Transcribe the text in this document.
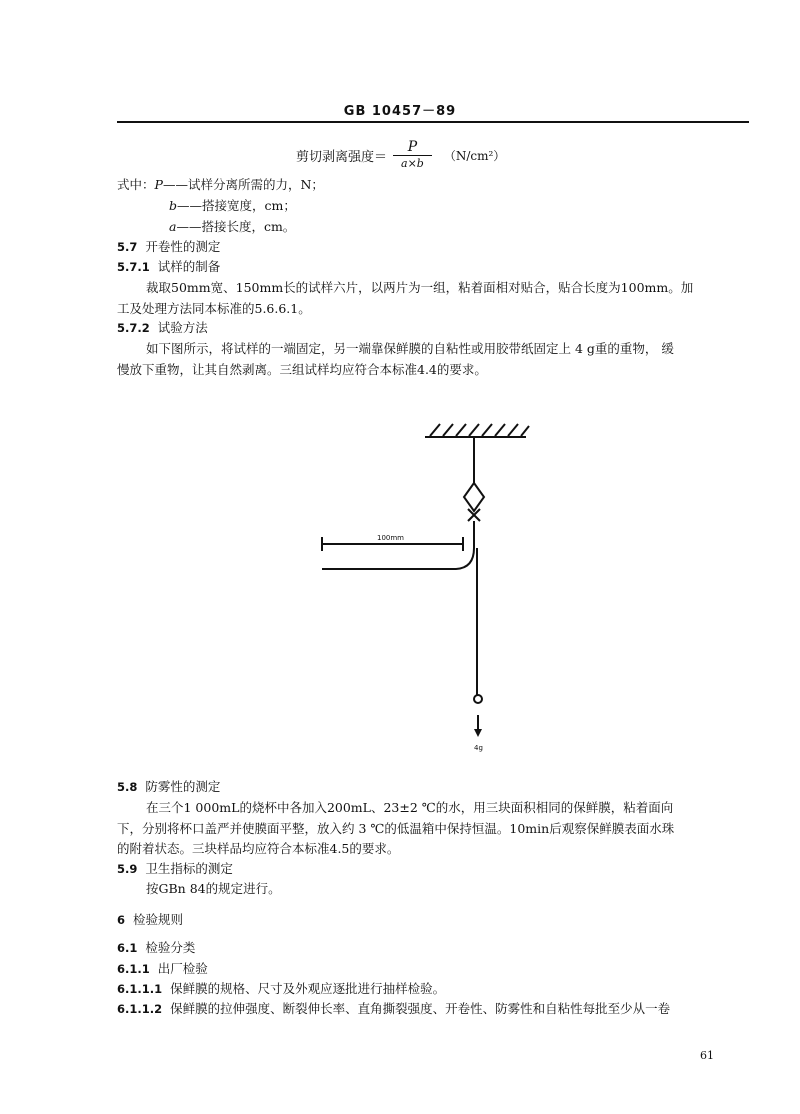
GB 10457－89
剪切剥离强度＝ $\frac{P}{a\times b} (N/cm^2)$
式中：P——试样分离所需的力，N；
b——搭接宽度，cm；
a——搭接长度，cm。
5.7 开卷性的测定
5.7.1 试样的制备
裁取50mm宽、150mm长的试样六片，以两片为一组，粘着面相对贴合，贴合长度为100mm。加
工及处理方法同本标准的5.6.6.1。
5.7.2 试验方法
如下图所示，将试样的一端固定，另一端靠保鲜膜的自粘性或用胶带纸固定上 4 g重的重物， 缓
慢放下重物，让其自然剥离。三组试样均应符合本标准4.4的要求。
100mm
4g
5.8 防雾性的测定
在三个1 000mL的烧杯中各加入200mL、23±2 ℃的水，用三块面积相同的保鲜膜，粘着面向
下，分别将杯口盖严并使膜面平整，放入约 3 ℃的低温箱中保持恒温。10min后观察保鲜膜表面水珠
的附着状态。三块样品均应符合本标准4.5的要求。
5.9 卫生指标的测定
按GBn 84的规定进行。
6 检验规则
6.1 检验分类
6.1.1 出厂检验
6.1.1.1 保鲜膜的规格、尺寸及外观应逐批进行抽样检验。
6.1.1.2 保鲜膜的拉伸强度、断裂伸长率、直角撕裂强度、开卷性、防雾性和自粘性每批至少从一卷
61
